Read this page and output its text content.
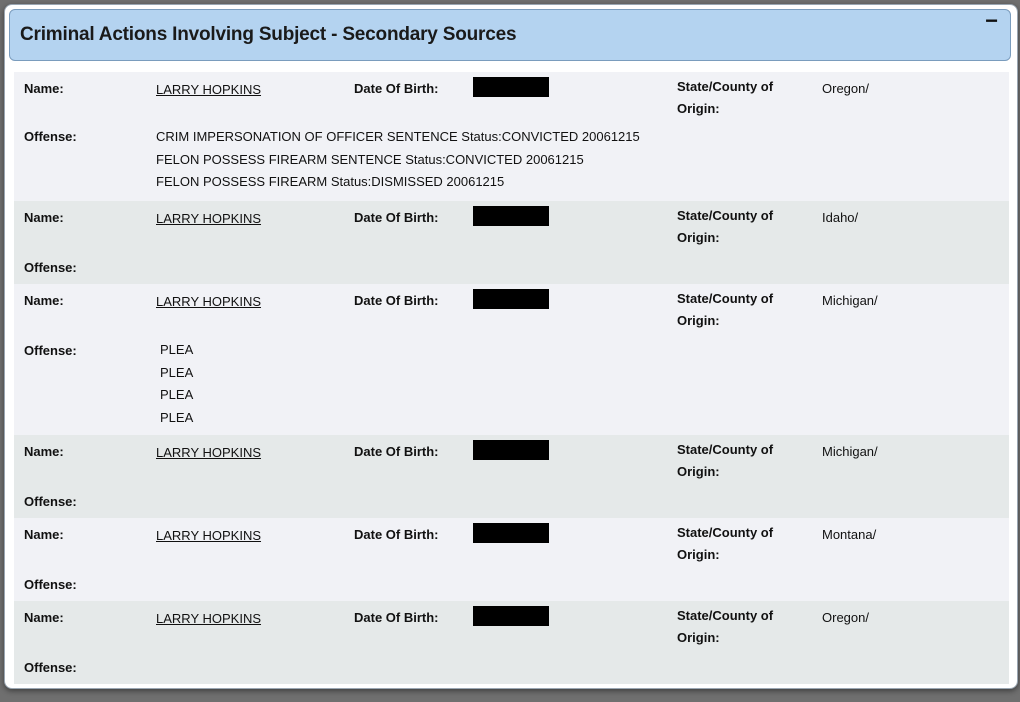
Criminal Actions Involving Subject - Secondary Sources
−
Name:	LARRY HOPKINS	Date Of Birth:	State/County of
Origin:
Oregon/
Offense:	CRIM IMPERSONATION OF OFFICER SENTENCE Status:CONVICTED 20061215
FELON POSSESS FIREARM SENTENCE Status:CONVICTED 20061215
FELON POSSESS FIREARM Status:DISMISSED 20061215
Name:	LARRY HOPKINS	Date Of Birth:	State/County of
Origin:
Idaho/
Offense:
Name:	LARRY HOPKINS	Date Of Birth:	State/County of
Origin:
Michigan/
Offense:	PLEA
PLEA
PLEA
PLEA
Name:	LARRY HOPKINS	Date Of Birth:	State/County of
Origin:
Michigan/
Offense:
Name:	LARRY HOPKINS	Date Of Birth:	State/County of
Origin:
Montana/
Offense:
Name:	LARRY HOPKINS	Date Of Birth:	State/County of
Origin:
Oregon/
Offense:
